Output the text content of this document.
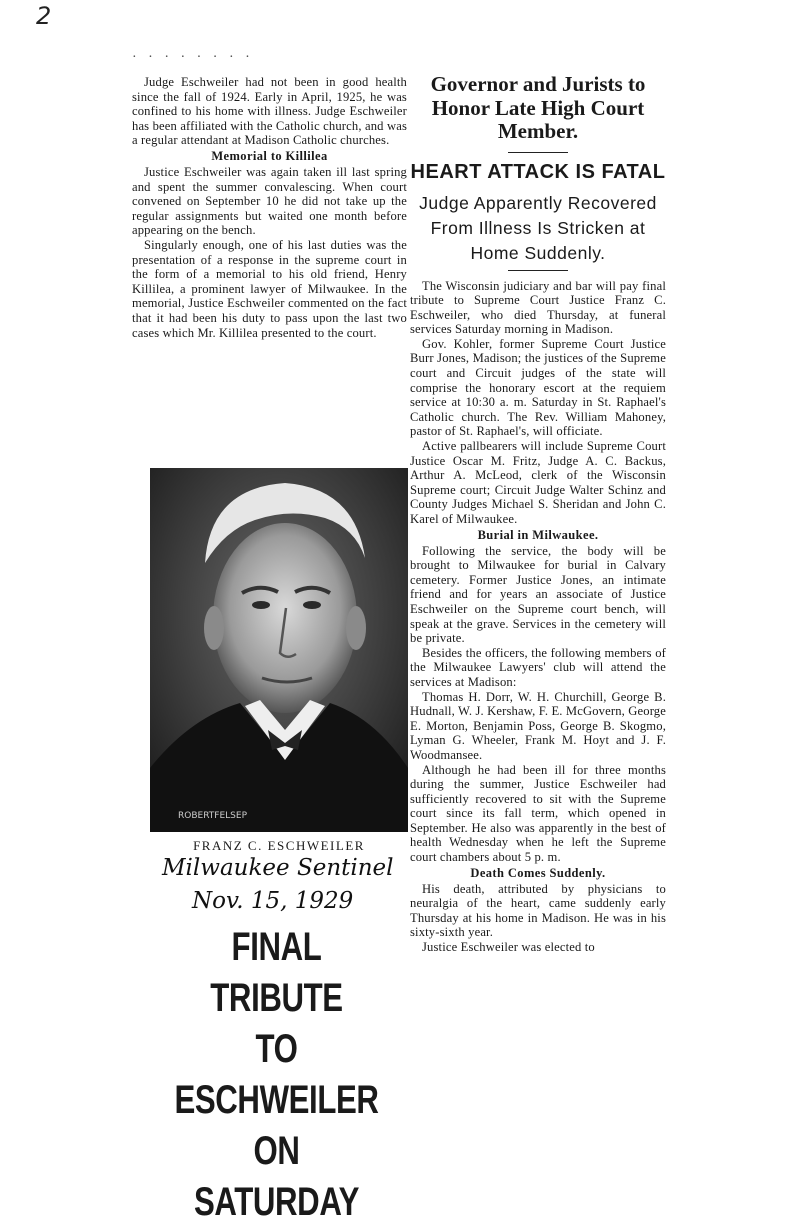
2
· · · · · · · ·

Judge Eschweiler had not been in good health since the fall of 1924. Early in April, 1925, he was confined to his home with illness. Judge Eschweiler has been affiliated with the Catholic church, and was a regular attendant at Madison Catholic churches.

Memorial to Killilea

Justice Eschweiler was again taken ill last spring and spent the summer convalescing. When court convened on September 10 he did not take up the regular assignments but waited one month before appearing on the bench.

Singularly enough, one of his last duties was the presentation of a response in the supreme court in the form of a memorial to his old friend, Henry Killilea, a prominent lawyer of Milwaukee. In the memorial, Justice Eschweiler commented on the fact that it had been his duty to pass upon the last two cases which Mr. Killilea presented to the court.

ROBERTFELSEP
FRANZ C. ESCHWEILER
Milwaukee Sentinel
Nov. 15, 1929
FINAL TRIBUTE
TO ESCHWEILER
ON SATURDAY
Governor and Jurists to Honor Late High Court Member.
HEART ATTACK IS FATAL
Judge Apparently Recovered From Illness Is Stricken at Home Suddenly.

The Wisconsin judiciary and bar will pay final tribute to Supreme Court Justice Franz C. Eschweiler, who died Thursday, at funeral services Saturday morning in Madison.

Gov. Kohler, former Supreme Court Justice Burr Jones, Madison; the justices of the Supreme court and Circuit judges of the state will comprise the honorary escort at the requiem service at 10:30 a. m. Saturday in St. Raphael's Catholic church. The Rev. William Mahoney, pastor of St. Raphael's, will officiate.

Active pallbearers will include Supreme Court Justice Oscar M. Fritz, Judge A. C. Backus, Arthur A. McLeod, clerk of the Wisconsin Supreme court; Circuit Judge Walter Schinz and County Judges Michael S. Sheridan and John C. Karel of Milwaukee.

Burial in Milwaukee.

Following the service, the body will be brought to Milwaukee for burial in Calvary cemetery. Former Justice Jones, an intimate friend and for years an associate of Justice Eschweiler on the Supreme court bench, will speak at the grave. Services in the cemetery will be private.

Besides the officers, the following members of the Milwaukee Lawyers' club will attend the services at Madison:

Thomas H. Dorr, W. H. Churchill, George B. Hudnall, W. J. Kershaw, F. E. McGovern, George E. Morton, Benjamin Poss, George B. Skogmo, Lyman G. Wheeler, Frank M. Hoyt and J. F. Woodmansee.

Although he had been ill for three months during the summer, Justice Eschweiler had sufficiently recovered to sit with the Supreme court since its fall term, which opened in September. He also was apparently in the best of health Wednesday when he left the Supreme court chambers about 5 p. m.

Death Comes Suddenly.

His death, attributed by physicians to neuralgia of the heart, came suddenly early Thursday at his home in Madison. He was in his sixty-sixth year.

Justice Eschweiler was elected to
